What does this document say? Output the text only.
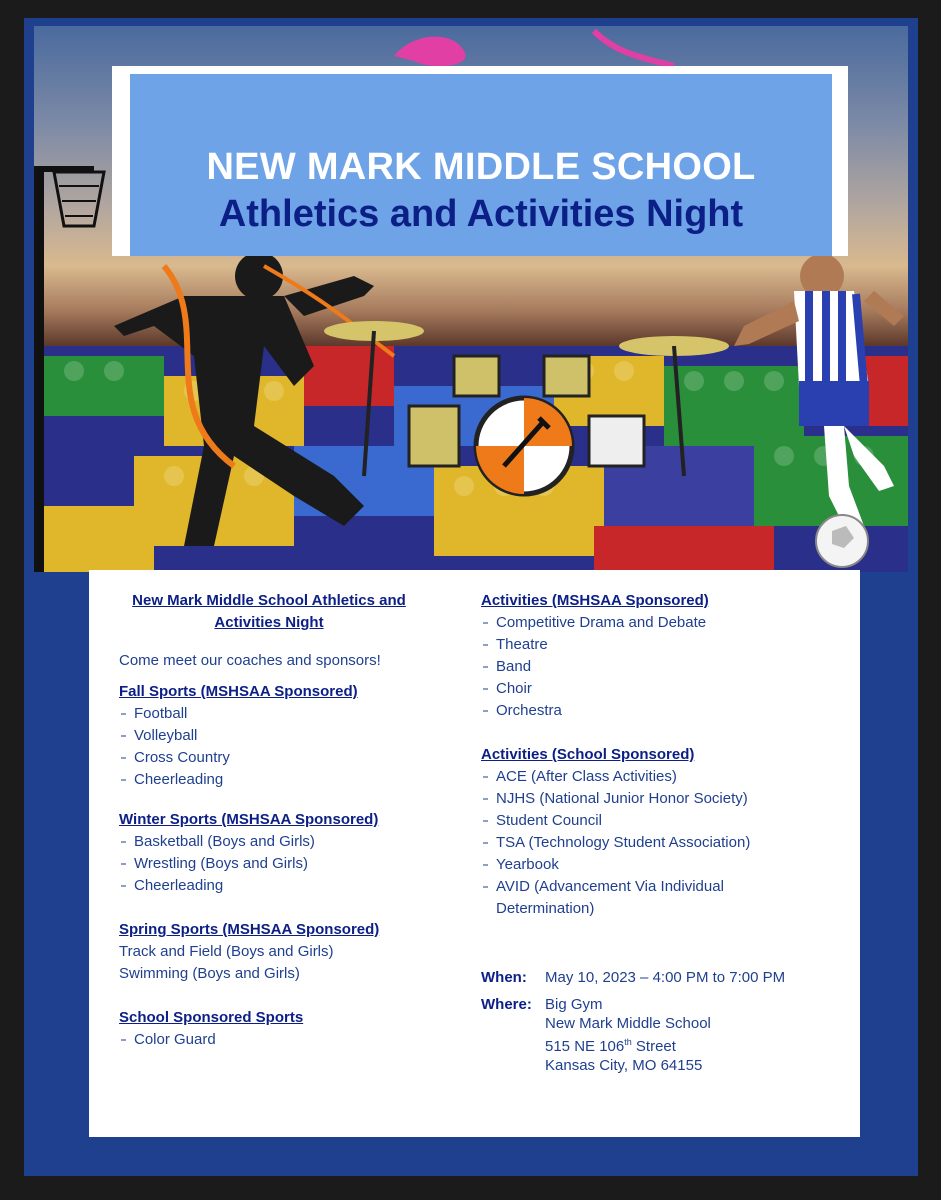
NEW MARK MIDDLE SCHOOL
Athletics and Activities Night
New Mark Middle School Athletics and
Activities Night
Come meet our coaches and sponsors!
Fall Sports (MSHSAA Sponsored)
Football
Volleyball
Cross Country
Cheerleading
Winter Sports (MSHSAA Sponsored)
Basketball (Boys and Girls)
Wrestling (Boys and Girls)
Cheerleading
Spring Sports (MSHSAA Sponsored)
Track and Field (Boys and Girls)
Swimming (Boys and Girls)
School Sponsored Sports
Color Guard
Activities (MSHSAA Sponsored)
Competitive Drama and Debate
Theatre
Band
Choir
Orchestra
Activities (School Sponsored)
ACE (After Class Activities)
NJHS (National Junior Honor Society)
Student Council
TSA (Technology Student Association)
Yearbook
AVID (Advancement Via Individual
Determination)
When:	May 10, 2023 – 4:00 PM to 7:00 PM
Where: Big Gym
New Mark Middle School
515 NE 106th Street
Kansas City, MO 64155
